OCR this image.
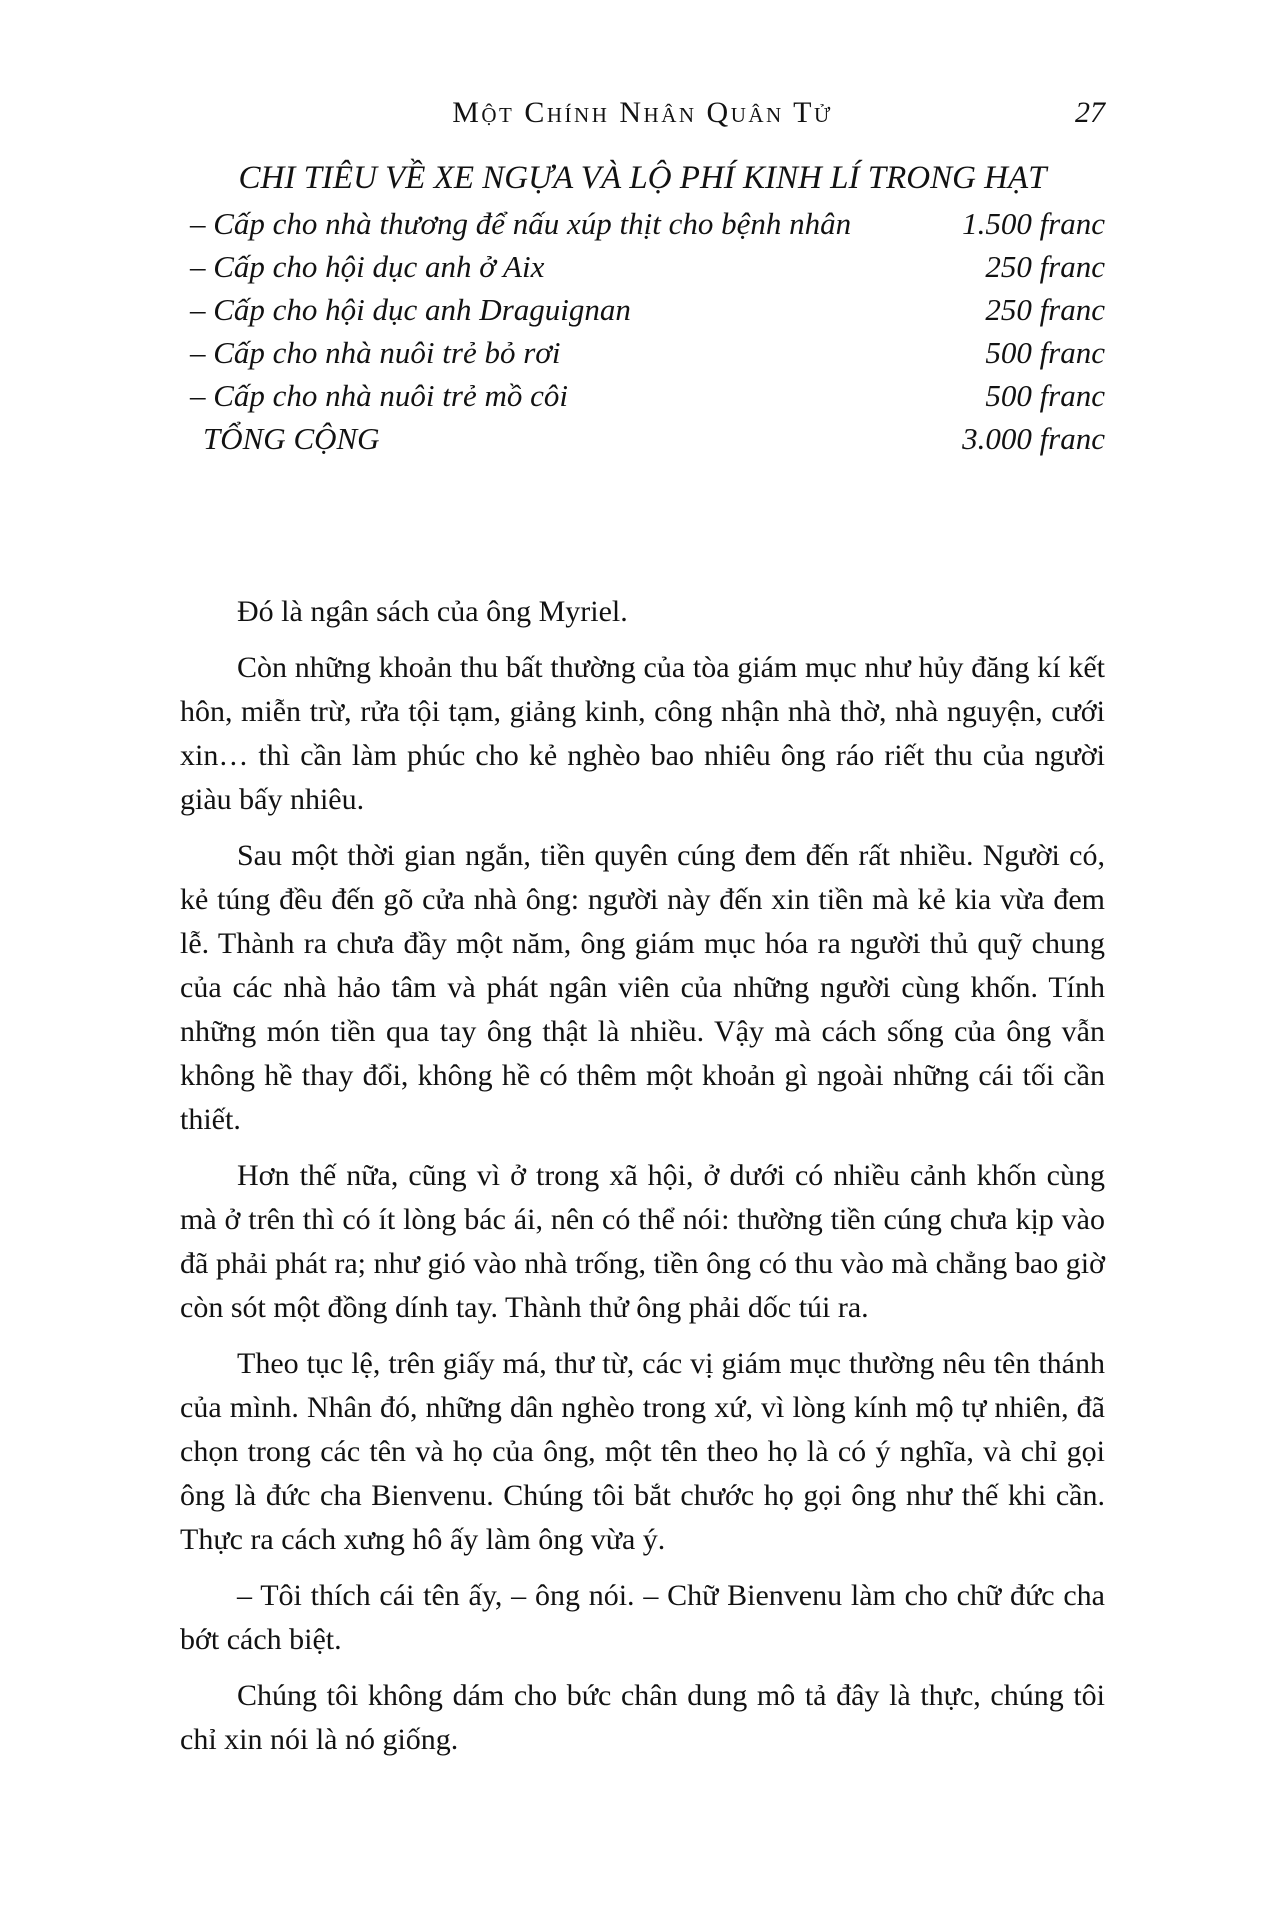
Một Chính Nhân Quân Tử	27
CHI TIÊU VỀ XE NGỰA VÀ LỘ PHÍ KINH LÍ TRONG HẠT
– Cấp cho nhà thương để nấu xúp thịt cho bệnh nhân	1.500 franc
– Cấp cho hội dục anh ở Aix	250 franc
– Cấp cho hội dục anh Draguignan	250 franc
– Cấp cho nhà nuôi trẻ bỏ rơi	500 franc
– Cấp cho nhà nuôi trẻ mồ côi	500 franc
TỔNG CỘNG	3.000 franc

Đó là ngân sách của ông Myriel.

Còn những khoản thu bất thường của tòa giám mục như hủy đăng kí kết hôn, miễn trừ, rửa tội tạm, giảng kinh, công nhận nhà thờ, nhà nguyện, cưới xin… thì cần làm phúc cho kẻ nghèo bao nhiêu ông ráo riết thu của người giàu bấy nhiêu.

Sau một thời gian ngắn, tiền quyên cúng đem đến rất nhiều. Người có, kẻ túng đều đến gõ cửa nhà ông: người này đến xin tiền mà kẻ kia vừa đem lễ. Thành ra chưa đầy một năm, ông giám mục hóa ra người thủ quỹ chung của các nhà hảo tâm và phát ngân viên của những người cùng khốn. Tính những món tiền qua tay ông thật là nhiều. Vậy mà cách sống của ông vẫn không hề thay đổi, không hề có thêm một khoản gì ngoài những cái tối cần thiết.

Hơn thế nữa, cũng vì ở trong xã hội, ở dưới có nhiều cảnh khốn cùng mà ở trên thì có ít lòng bác ái, nên có thể nói: thường tiền cúng chưa kịp vào đã phải phát ra; như gió vào nhà trống, tiền ông có thu vào mà chẳng bao giờ còn sót một đồng dính tay. Thành thử ông phải dốc túi ra.

Theo tục lệ, trên giấy má, thư từ, các vị giám mục thường nêu tên thánh của mình. Nhân đó, những dân nghèo trong xứ, vì lòng kính mộ tự nhiên, đã chọn trong các tên và họ của ông, một tên theo họ là có ý nghĩa, và chỉ gọi ông là đức cha Bienvenu. Chúng tôi bắt chước họ gọi ông như thế khi cần. Thực ra cách xưng hô ấy làm ông vừa ý.

– Tôi thích cái tên ấy, – ông nói. – Chữ Bienvenu làm cho chữ đức cha bớt cách biệt.

Chúng tôi không dám cho bức chân dung mô tả đây là thực, chúng tôi chỉ xin nói là nó giống.
